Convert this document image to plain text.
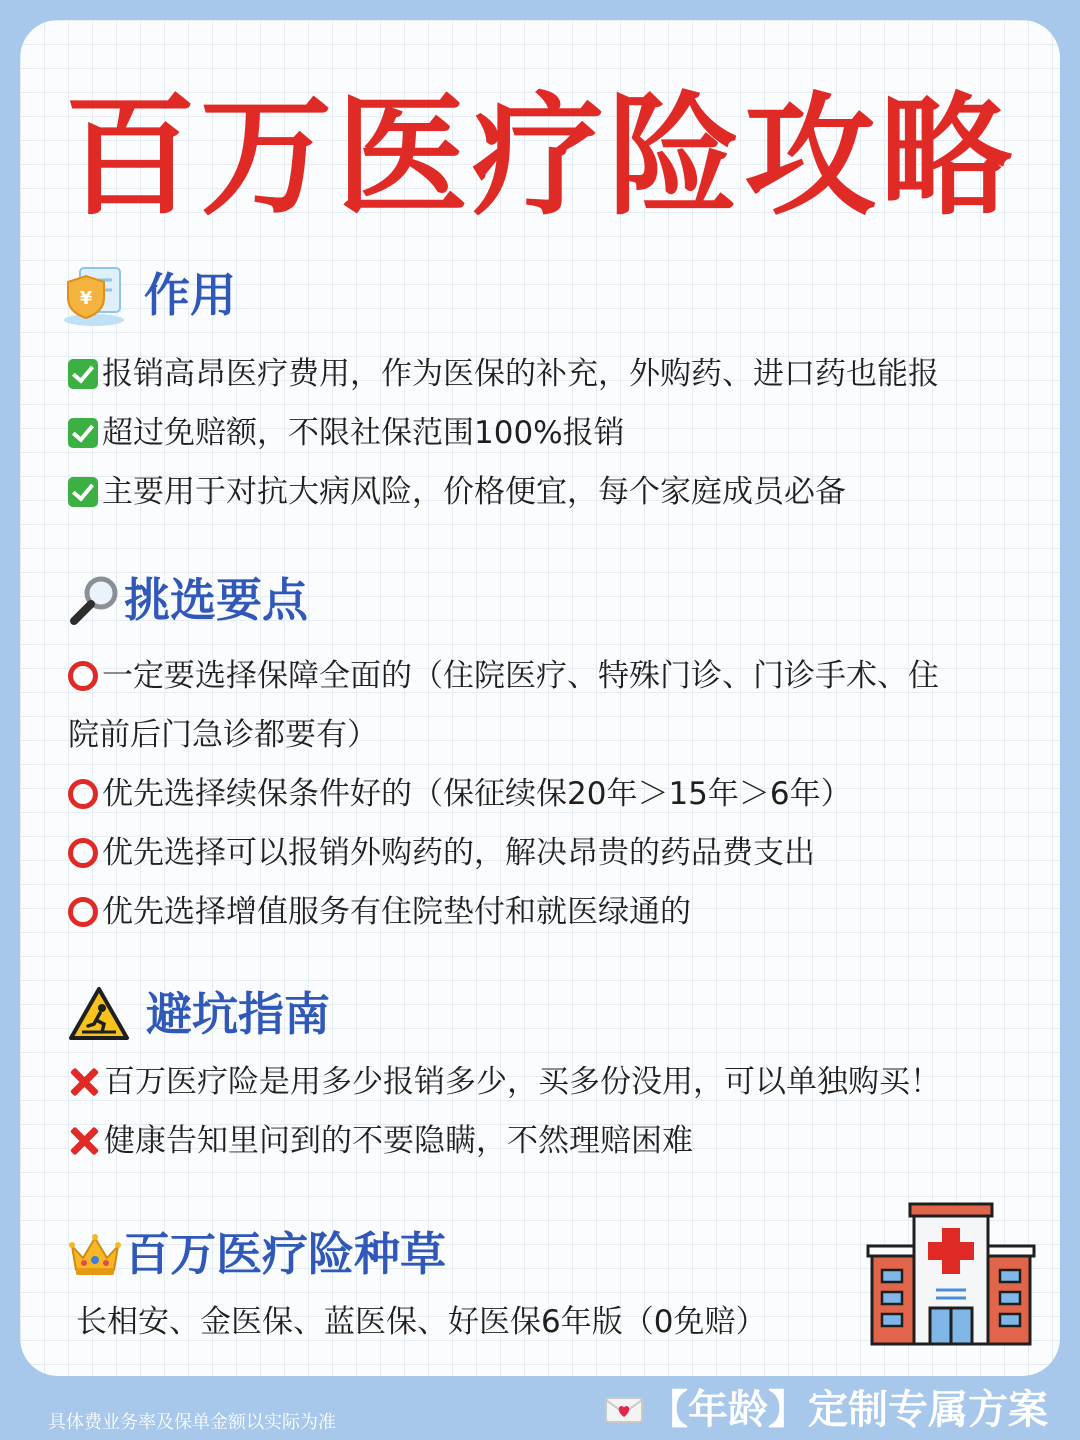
百万医疗险攻略
¥ 作用
报销高昂医疗费用，作为医保的补充，外购药、进口药也能报
超过免赔额，不限社保范围100%报销
主要用于对抗大病风险，价格便宜，每个家庭成员必备
挑选要点
一定要选择保障全面的（住院医疗、特殊门诊、门诊手术、住
院前后门急诊都要有）
优先选择续保条件好的（保征续保20年＞15年＞6年）
优先选择可以报销外购药的，解决昂贵的药品费支出
优先选择增值服务有住院垫付和就医绿通的
避坑指南
百万医疗险是用多少报销多少，买多份没用，可以单独购买！
健康告知里问到的不要隐瞒，不然理赔困难
百万医疗险种草
长相安、金医保、蓝医保、好医保6年版（0免赔）
具体费业务率及保单金额以实际为准	【年龄】定制专属方案
